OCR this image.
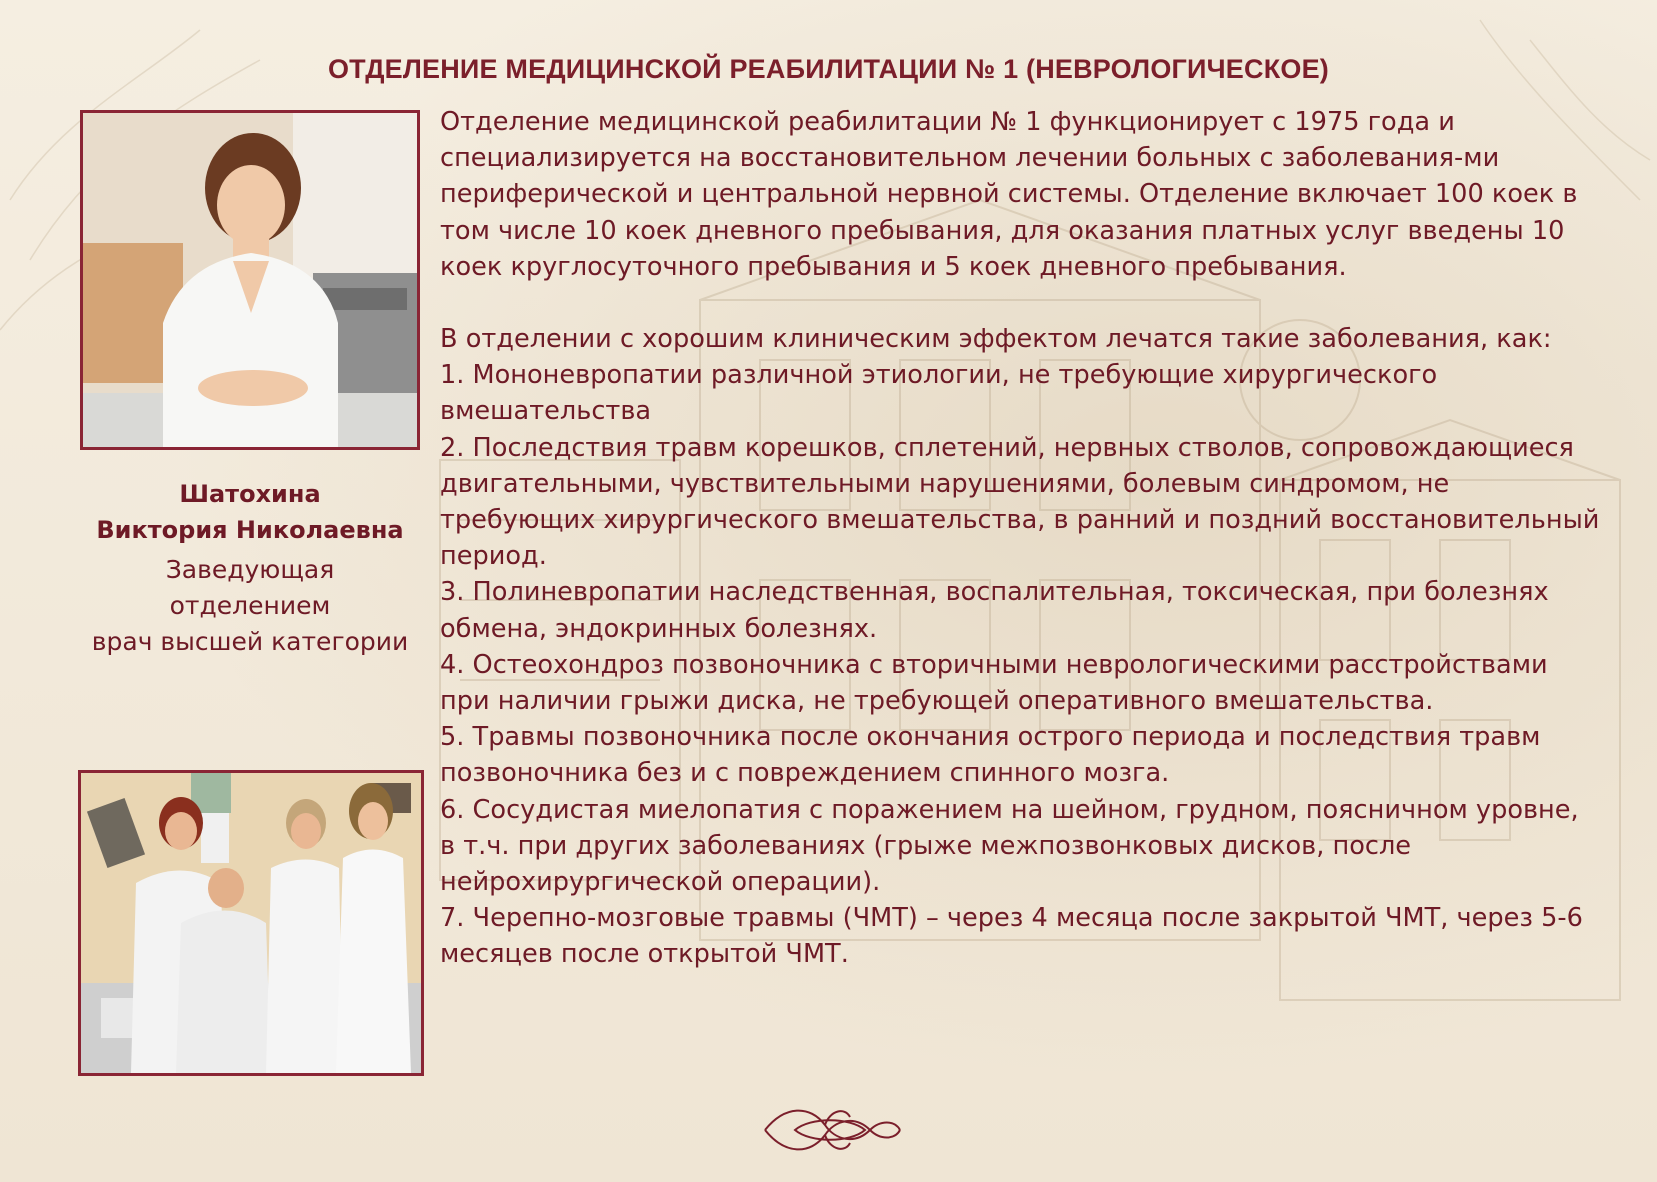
ОТДЕЛЕНИЕ МЕДИЦИНСКОЙ РЕАБИЛИТАЦИИ № 1 (НЕВРОЛОГИЧЕСКОЕ)
Шатохина
Виктория Николаевна
Заведующая
отделением
врач высшей категории

Отделение медицинской реабилитации № 1 функционирует с 1975 года и специализируется на восстановительном лечении больных с заболевания-ми периферической и центральной нервной системы. Отделение включает 100 коек в том числе 10 коек дневного пребывания, для оказания платных услуг введены 10 коек круглосуточного пребывания и 5 коек дневного пребывания.

В отделении с хорошим клиническим эффектом лечатся такие заболевания, как:

1. Мононевропатии различной этиологии, не требующие хирургического вмешательства

2. Последствия травм корешков, сплетений, нервных стволов, сопровождающиеся двигательными, чувствительными нарушениями, болевым синдромом, не требующих хирургического вмешательства, в ранний и поздний восстановительный период.

3. Полиневропатии наследственная, воспалительная, токсическая, при болезнях обмена, эндокринных болезнях.

4. Остеохондроз позвоночника с вторичными неврологическими расстройствами при наличии грыжи диска, не требующей оперативного вмешательства.

5. Травмы позвоночника после окончания острого периода и последствия травм позвоночника без и с повреждением спинного мозга.

6. Сосудистая миелопатия с поражением на шейном, грудном, поясничном уровне, в т.ч. при других заболеваниях (грыже межпозвонковых дисков, после нейрохирургической операции).

7. Черепно-мозговые травмы (ЧМТ) – через 4 месяца после закрытой ЧМТ, через 5-6 месяцев после открытой ЧМТ.
